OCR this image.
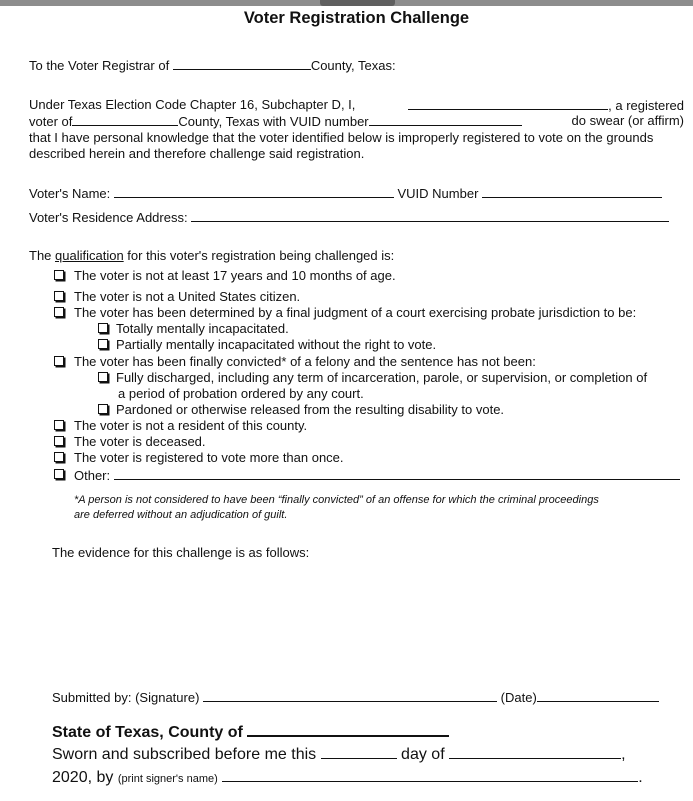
Voter Registration Challenge
To the Voter Registrar of	County, Texas:
Under Texas Election Code Chapter 16, Subchapter D, I,	, a registered
voter of	County, Texas with VUID number	do swear (or affirm)
that I have personal knowledge that the voter identified below is improperly registered to vote on the grounds
described herein and therefore challenge said registration.
Voter's Name:	VUID Number
Voter's Residence Address:
The qualification for this voter's registration being challenged is:
The voter is not at least 17 years and 10 months of age.
The voter is not a United States citizen.
The voter has been determined by a final judgment of a court exercising probate jurisdiction to be:
Totally mentally incapacitated.
Partially mentally incapacitated without the right to vote.
The voter has been finally convicted* of a felony and the sentence has not been:
Fully discharged, including any term of incarceration, parole, or supervision, or completion of
a period of probation ordered by any court.
Pardoned or otherwise released from the resulting disability to vote.
The voter is not a resident of this county.
The voter is deceased.
The voter is registered to vote more than once.
Other:
*A person is not considered to have been “finally convicted” of an offense for which the criminal proceedings
are deferred without an adjudication of guilt.
The evidence for this challenge is as follows:
Submitted by: (Signature)	(Date)
State of Texas, County of
Sworn and subscribed before me this	day of	,
2020, by (print signer's name)	.
